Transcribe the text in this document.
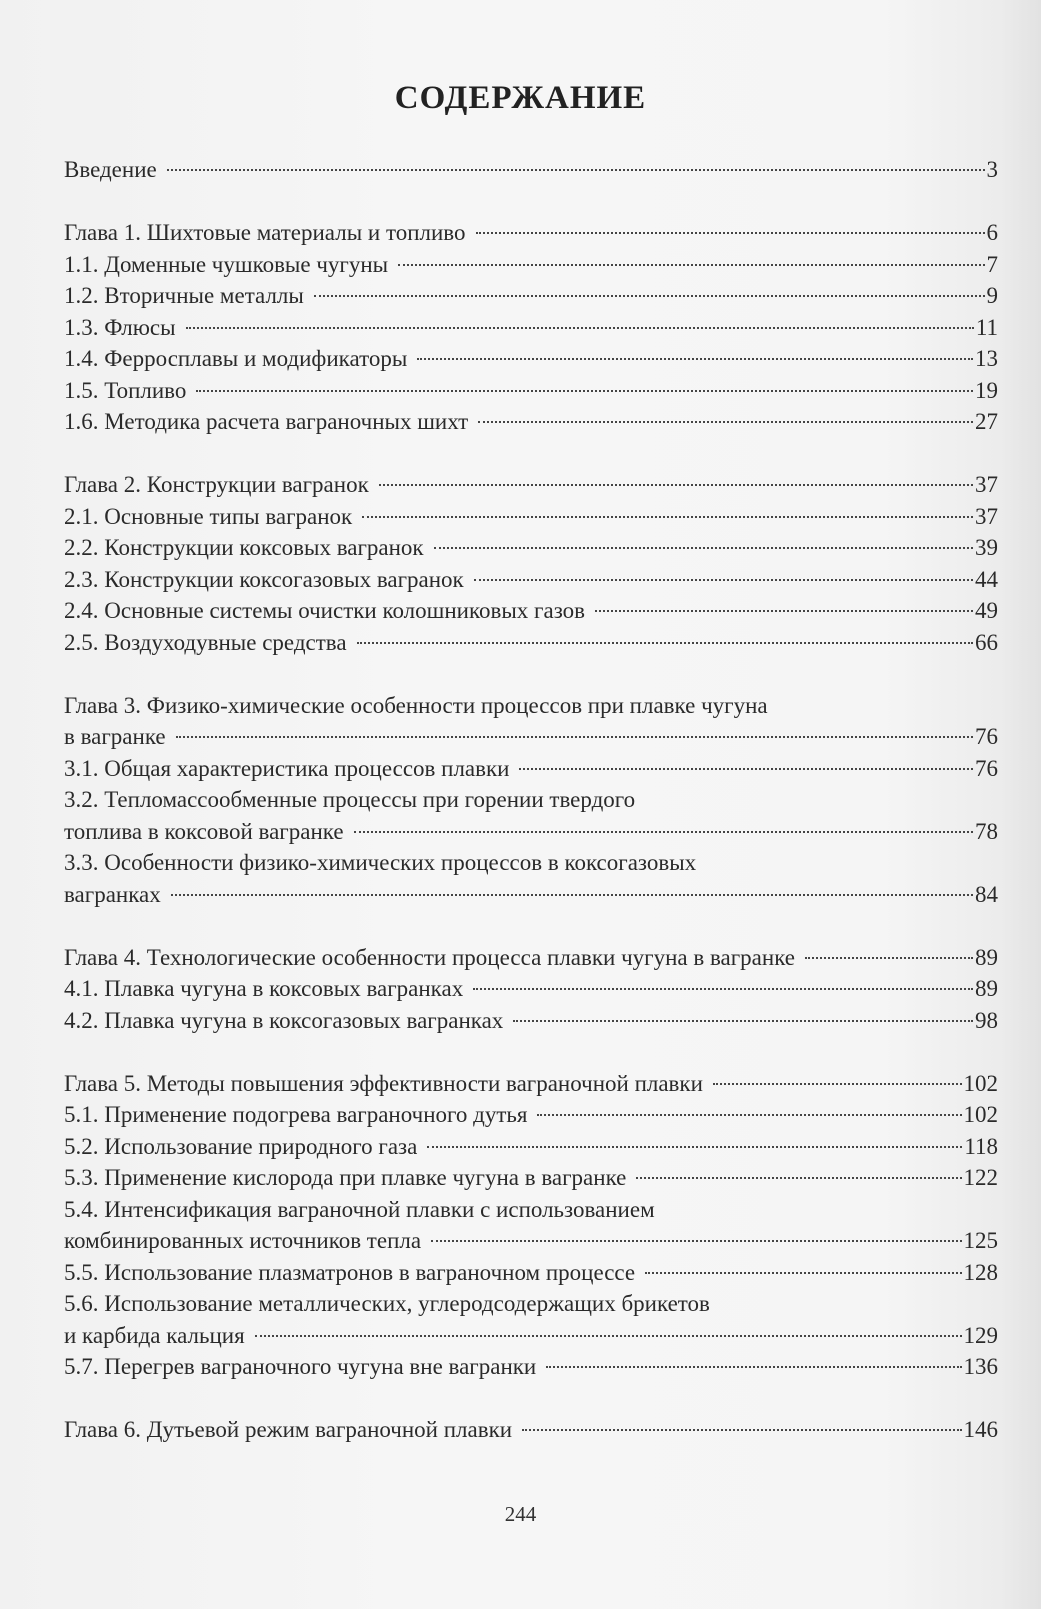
СОДЕРЖАНИЕ
Введение	3
Глава 1. Шихтовые материалы и топливо	6
1.1. Доменные чушковые чугуны	7
1.2. Вторичные металлы	9
1.3. Флюсы	11
1.4. Ферросплавы и модификаторы	13
1.5. Топливо	19
1.6. Методика расчета ваграночных шихт	27
Глава 2. Конструкции вагранок	37
2.1. Основные типы вагранок	37
2.2. Конструкции коксовых вагранок	39
2.3. Конструкции коксогазовых вагранок	44
2.4. Основные системы очистки колошниковых газов	49
2.5. Воздуходувные средства	66
Глава 3. Физико-химические особенности процессов при плавке чугуна
в вагранке	76
3.1. Общая характеристика процессов плавки	76
3.2. Тепломассообменные процессы при горении твердого
топлива в коксовой вагранке	78
3.3. Особенности физико-химических процессов в коксогазовых
вагранках	84
Глава 4. Технологические особенности процесса плавки чугуна в вагранке	89
4.1. Плавка чугуна в коксовых вагранках	89
4.2. Плавка чугуна в коксогазовых вагранках	98
Глава 5. Методы повышения эффективности ваграночной плавки	102
5.1. Применение подогрева ваграночного дутья	102
5.2. Использование природного газа	118
5.3. Применение кислорода при плавке чугуна в вагранке	122
5.4. Интенсификация ваграночной плавки с использованием
комбинированных источников тепла	125
5.5. Использование плазматронов в ваграночном процессе	128
5.6. Использование металлических, углеродсодержащих брикетов
и карбида кальция	129
5.7. Перегрев ваграночного чугуна вне вагранки	136
Глава 6. Дутьевой режим ваграночной плавки	146
244
